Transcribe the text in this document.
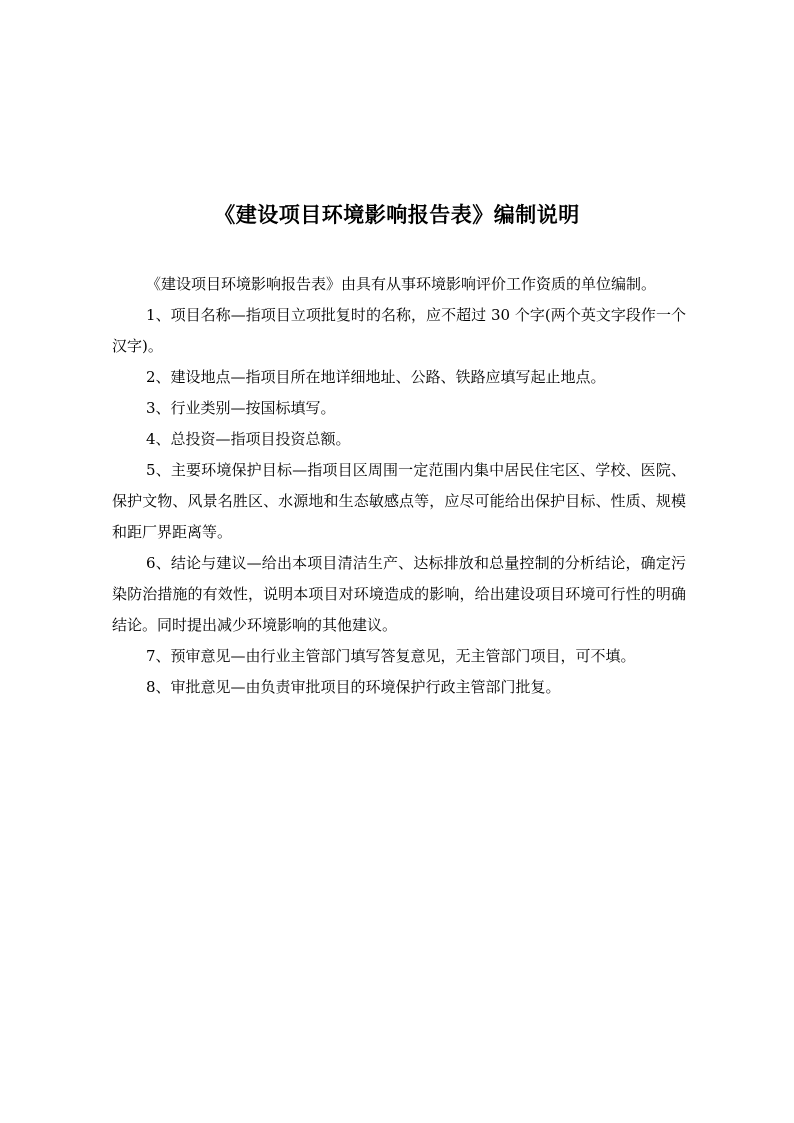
《建设项目环境影响报告表》编制说明

《建设项目环境影响报告表》由具有从事环境影响评价工作资质的单位编制。

1、项目名称—指项目立项批复时的名称，应不超过 30 个字(两个英文字段作一个汉字)。

2、建设地点—指项目所在地详细地址、公路、铁路应填写起止地点。

3、行业类别—按国标填写。

4、总投资—指项目投资总额。

5、主要环境保护目标—指项目区周围一定范围内集中居民住宅区、学校、医院、保护文物、风景名胜区、水源地和生态敏感点等，应尽可能给出保护目标、性质、规模和距厂界距离等。

6、结论与建议—给出本项目清洁生产、达标排放和总量控制的分析结论，确定污染防治措施的有效性，说明本项目对环境造成的影响，给出建设项目环境可行性的明确结论。同时提出减少环境影响的其他建议。

7、预审意见—由行业主管部门填写答复意见，无主管部门项目，可不填。

8、审批意见—由负责审批项目的环境保护行政主管部门批复。
